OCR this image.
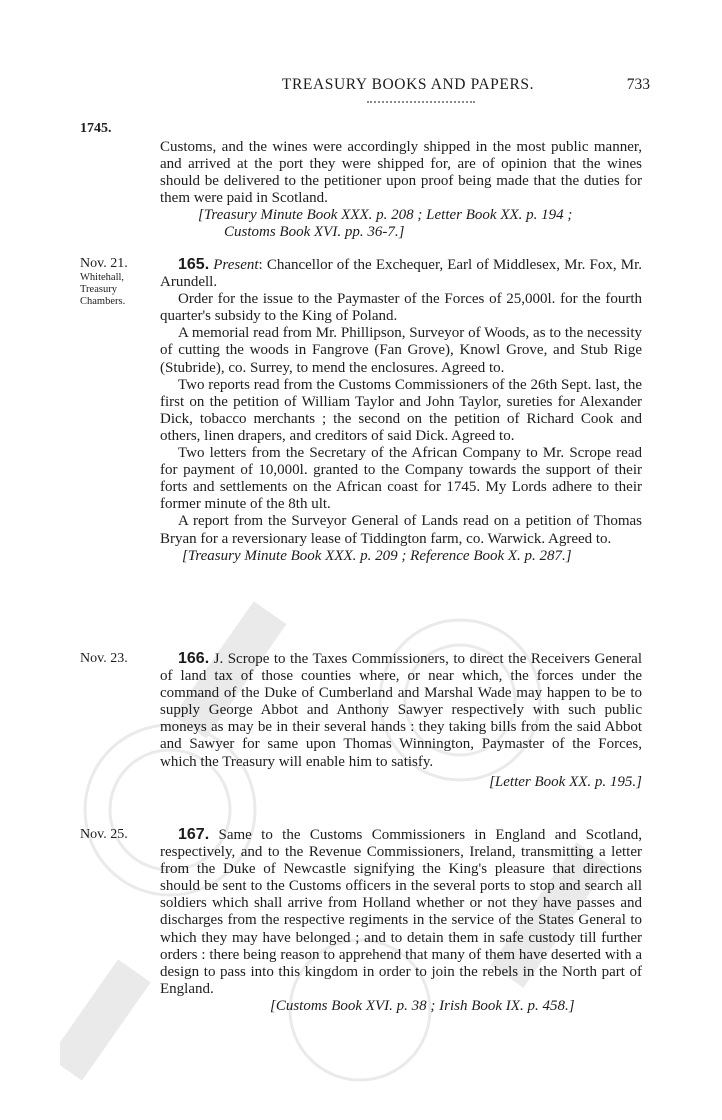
TREASURY BOOKS AND PAPERS.	733
1745.

Customs, and the wines were accordingly shipped in the most public manner, and arrived at the port they were shipped for, are of opinion that the wines should be delivered to the petitioner upon proof being made that the duties for them were paid in Scotland.

[Treasury Minute Book XXX. p. 208 ; Letter Book XX. p. 194 ;

Customs Book XVI. pp. 36-7.]

Nov. 21.
Whitehall, Treasury Chambers.

165. Present: Chancellor of the Exchequer, Earl of Middlesex, Mr. Fox, Mr. Arundell.

Order for the issue to the Paymaster of the Forces of 25,000l. for the fourth quarter's subsidy to the King of Poland.

A memorial read from Mr. Phillipson, Surveyor of Woods, as to the necessity of cutting the woods in Fangrove (Fan Grove), Knowl Grove, and Stub Rige (Stubride), co. Surrey, to mend the enclosures. Agreed to.

Two reports read from the Customs Commissioners of the 26th Sept. last, the first on the petition of William Taylor and John Taylor, sureties for Alexander Dick, tobacco merchants ; the second on the petition of Richard Cook and others, linen drapers, and creditors of said Dick. Agreed to.

Two letters from the Secretary of the African Company to Mr. Scrope read for payment of 10,000l. granted to the Company towards the support of their forts and settlements on the African coast for 1745. My Lords adhere to their former minute of the 8th ult.

A report from the Surveyor General of Lands read on a petition of Thomas Bryan for a reversionary lease of Tiddington farm, co. Warwick. Agreed to.

[Treasury Minute Book XXX. p. 209 ; Reference Book X. p. 287.]

Nov. 23.	166. J. Scrope to the Taxes Commissioners, to direct the Receivers General of land tax of those counties where, or near which, the forces under the command of the Duke of Cumberland and Marshal Wade may happen to be to supply George Abbot and Anthony Sawyer respectively with such public moneys as may be in their several hands : they taking bills from the said Abbot and Sawyer for same upon Thomas Winnington, Paymaster of the Forces, which the Treasury will enable him to satisfy.

[Letter Book XX. p. 195.]

Nov. 25.	167. Same to the Customs Commissioners in England and Scotland, respectively, and to the Revenue Commissioners, Ireland, transmitting a letter from the Duke of Newcastle signifying the King's pleasure that directions should be sent to the Customs officers in the several ports to stop and search all soldiers which shall arrive from Holland whether or not they have passes and discharges from the respective regiments in the service of the States General to which they may have belonged ; and to detain them in safe custody till further orders : there being reason to apprehend that many of them have deserted with a design to pass into this kingdom in order to join the rebels in the North part of England.

[Customs Book XVI. p. 38 ; Irish Book IX. p. 458.]
